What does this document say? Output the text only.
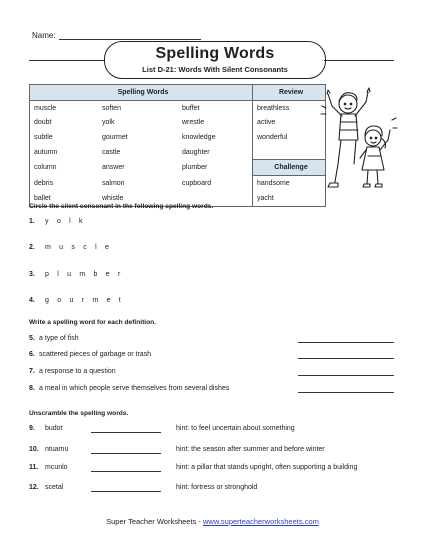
Name:
Spelling Words
List D-21: Words With Silent Consonants
Spelling Words			Review
muscle	soften	buffet	breathless
doubt	yolk	wrestle	active
subtle	gourmet	knowledge	wonderful
autumn	castle	daughter	
column	answer	plumber	Challenge
debris	salmon	cupboard	handsome
ballet	whistle		yacht
Circle the silent consonant in the following spelling words.
1. y o l k
2. m u s c l e
3. p l u m b e r
4. g o u r m e t
Write a spelling word for each definition.
5. a type of fish
6. scattered pieces of garbage or trash
7. a response to a question
8. a meal in which people serve themselves from several dishes
Unscramble the spelling words.
9. budot	hint: to feel uncertain about something
10. ntuamu	hint: the season after summer and before winter
11. mcunlo	hint: a pillar that stands upright, often supporting a building
12. scetal	hint: fortress or stronghold
Super Teacher Worksheets - www.superteacherworksheets.com
